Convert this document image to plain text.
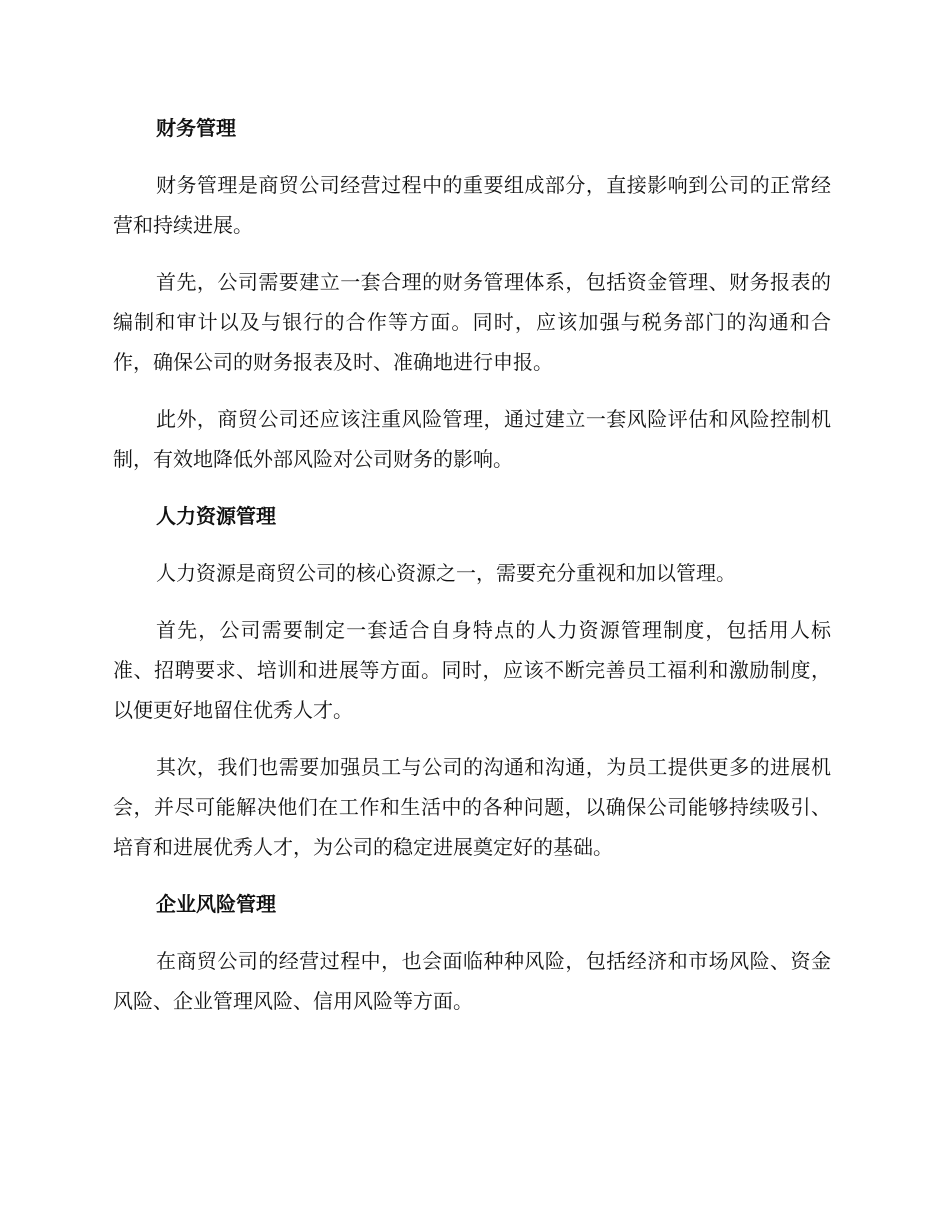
财务管理

财务管理是商贸公司经营过程中的重要组成部分，直接影响到公司的正常经营和持续进展。

首先，公司需要建立一套合理的财务管理体系，包括资金管理、财务报表的编制和审计以及与银行的合作等方面。同时，应该加强与税务部门的沟通和合作，确保公司的财务报表及时、准确地进行申报。

此外，商贸公司还应该注重风险管理，通过建立一套风险评估和风险控制机制，有效地降低外部风险对公司财务的影响。

人力资源管理

人力资源是商贸公司的核心资源之一，需要充分重视和加以管理。

首先，公司需要制定一套适合自身特点的人力资源管理制度，包括用人标准、招聘要求、培训和进展等方面。同时，应该不断完善员工福利和激励制度，以便更好地留住优秀人才。

其次，我们也需要加强员工与公司的沟通和沟通，为员工提供更多的进展机会，并尽可能解决他们在工作和生活中的各种问题，以确保公司能够持续吸引、培育和进展优秀人才，为公司的稳定进展奠定好的基础。

企业风险管理

在商贸公司的经营过程中，也会面临种种风险，包括经济和市场风险、资金风险、企业管理风险、信用风险等方面。
